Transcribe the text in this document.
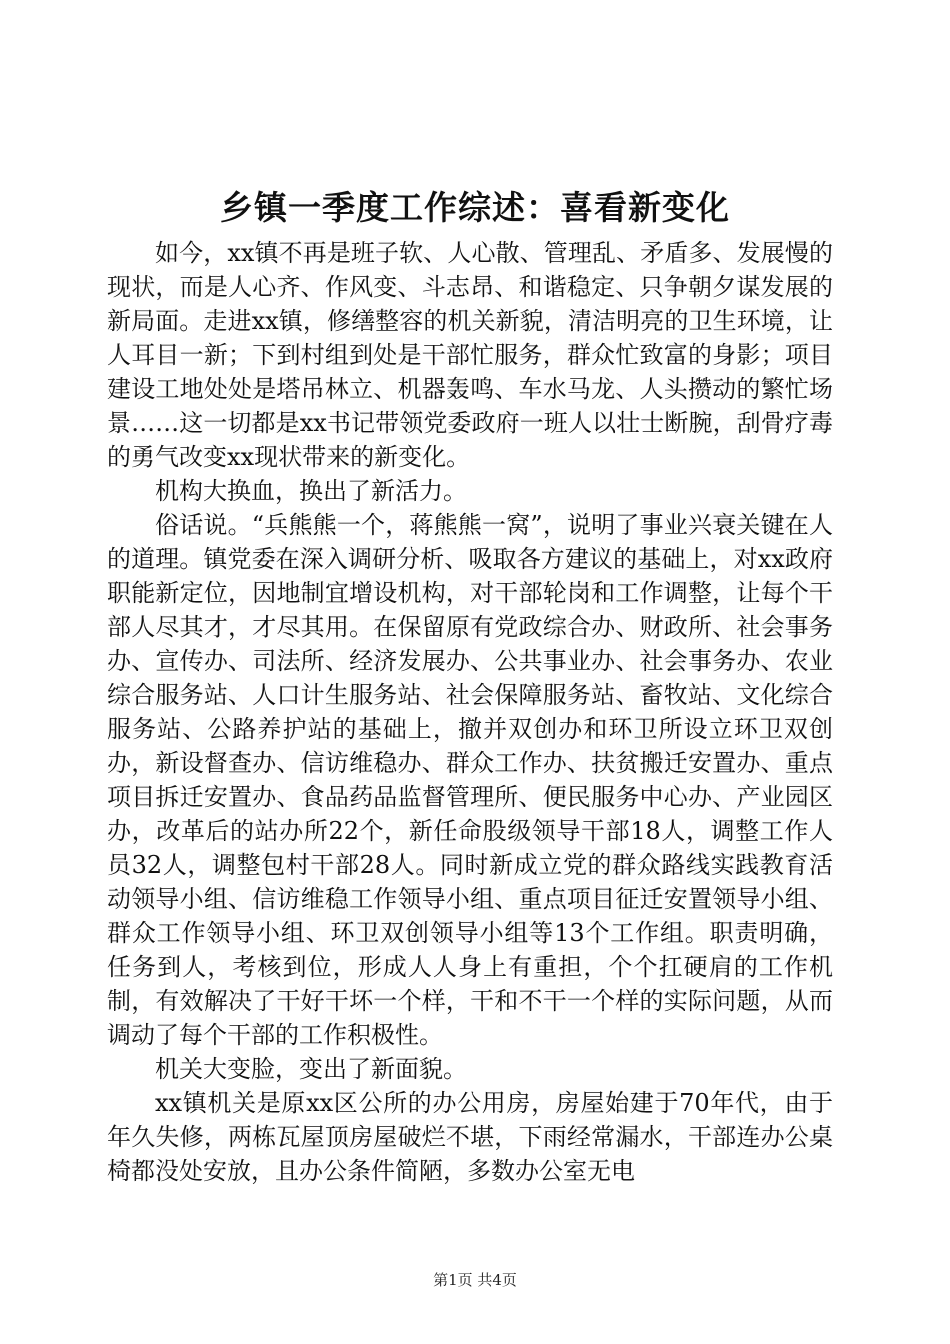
乡镇一季度工作综述：喜看新变化

如今，xx镇不再是班子软、人心散、管理乱、矛盾多、发展慢的现状，而是人心齐、作风变、斗志昂、和谐稳定、只争朝夕谋发展的新局面。走进xx镇，修缮整容的机关新貌，清洁明亮的卫生环境，让人耳目一新；下到村组到处是干部忙服务，群众忙致富的身影；项目建设工地处处是塔吊林立、机器轰鸣、车水马龙、人头攒动的繁忙场景……这一切都是xx书记带领党委政府一班人以壮士断腕，刮骨疗毒的勇气改变xx现状带来的新变化。

机构大换血，换出了新活力。

俗话说。“兵熊熊一个，蒋熊熊一窝”，说明了事业兴衰关键在人的道理。镇党委在深入调研分析、吸取各方建议的基础上，对xx政府职能新定位，因地制宜增设机构，对干部轮岗和工作调整，让每个干部人尽其才，才尽其用。在保留原有党政综合办、财政所、社会事务办、宣传办、司法所、经济发展办、公共事业办、社会事务办、农业综合服务站、人口计生服务站、社会保障服务站、畜牧站、文化综合服务站、公路养护站的基础上，撤并双创办和环卫所设立环卫双创办，新设督查办、信访维稳办、群众工作办、扶贫搬迁安置办、重点项目拆迁安置办、食品药品监督管理所、便民服务中心办、产业园区办，改革后的站办所22个，新任命股级领导干部18人，调整工作人员32人，调整包村干部28人。同时新成立党的群众路线实践教育活动领导小组、信访维稳工作领导小组、重点项目征迁安置领导小组、群众工作领导小组、环卫双创领导小组等13个工作组。职责明确，任务到人，考核到位，形成人人身上有重担，个个扛硬肩的工作机制，有效解决了干好干坏一个样，干和不干一个样的实际问题，从而调动了每个干部的工作积极性。

机关大变脸，变出了新面貌。

xx镇机关是原xx区公所的办公用房，房屋始建于70年代，由于年久失修，两栋瓦屋顶房屋破烂不堪，下雨经常漏水，干部连办公桌椅都没处安放，且办公条件简陋，多数办公室无电

第1页 共4页
